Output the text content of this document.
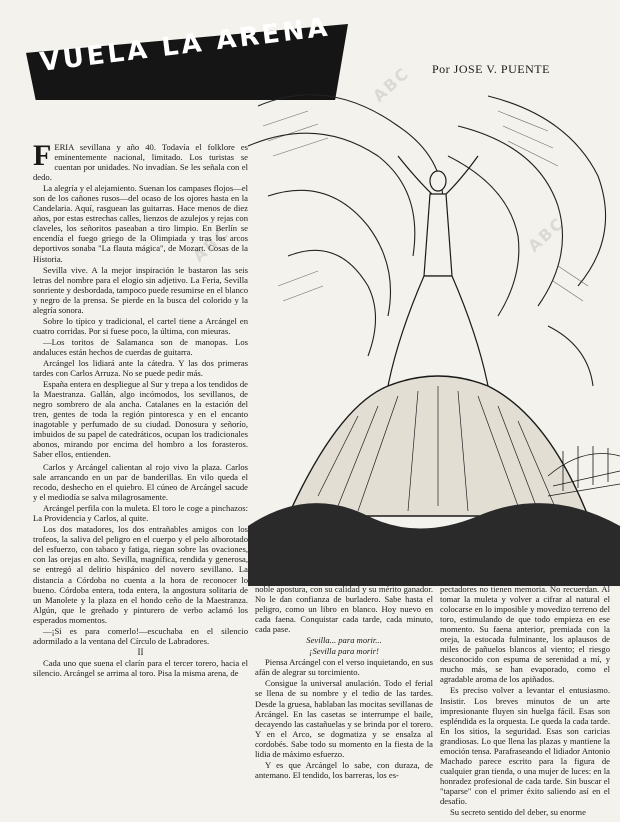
VUELA LA ARENA	Por JOSE V. PUENTE
ABC
ABC
ABC

FERIA sevillana y año 40. Todavía el folklore es eminentemente nacional, limitado. Los turistas se cuentan por unidades. No invadían. Se les señala con el dedo.

La alegría y el alejamiento. Suenan los campases flojos—el son de los cañones rusos—del ocaso de los ojores hasta en la Candelaria. Aquí, rasguean las guitarras. Hace menos de diez años, por estas estrechas calles, lienzos de azulejos y rejas con claveles, los señoritos paseaban a tiro limpio. En Berlín se encendía el fuego griego de la Olimpiada y tras los arcos deportivos sonaba "La flauta mágica", de Mozart. Cosas de la Historia.

Sevilla vive. A la mejor inspiración le bastaron las seis letras del nombre para el elogio sin adjetivo. La Feria, Sevilla sonriente y desbordada, tampoco puede resumirse en el blanco y negro de la prensa. Se pierde en la busca del colorido y la alegría sonora.

Sobre lo típico y tradicional, el cartel tiene a Arcángel en cuatro corridas. Por si fuese poco, la última, con mieuras.

—Los toritos de Salamanca son de manopas. Los andaluces están hechos de cuerdas de guitarra.

Arcángel los lidiará ante la cátedra. Y las dos primeras tardes con Carlos Arruza. No se puede pedir más.

España entera en despliegue al Sur y trepa a los tendidos de la Maestranza. Gallán, algo incómodos, los sevillanos, de negro sombrero de ala ancha. Catalanes en la estación del tren, gentes de toda la región pintoresca y en el encanto inagotable y perfumado de su ciudad. Donosura y señorío, imbuidos de su papel de catedráticos, ocupan los tradicionales abonos, mirando por encima del hombro a los forasteros. Saber ellos, entienden.

Carlos y Arcángel calientan al rojo vivo la plaza. Carlos sale arrancando en un par de banderillas. En vilo queda el recodo, deshecho en el quiebro. El cúneo de Arcángel sacude y el mediodía se salva milagrosamente.

Arcángel perfila con la muleta. El toro le coge a pinchazos: La Providencia y Carlos, al quite.

Los dos matadores, los dos entrañables amigos con los trofeos, la saliva del peligro en el cuerpo y el pelo alborotado del esfuerzo, con tabaco y fatiga, riegan sobre las ovaciones, con las orejas en alto. Sevilla, magnífica, rendida y generosa, se entregó al delirio hispánico del novero sevillano. La distancia a Córdoba no cuenta a la hora de reconocer lo bueno. Córdoba entera, toda entera, la angostura solitaria de un Manolete y la plaza en el hondo ceño de la Maestranza. Algún, que le greñado y pinturero de verbo aclamó los esperados momentos.

—¡Si es para comerlo!—escuchaba en el silencio adormilado a la ventana del Círculo de Labradores.

II

Cada uno que suena el clarín para el tercer torero, hacia el silencio. Arcángel se arrima al toro. Pisa la misma arena, de

noble apostura, con su calidad y su mérito ganador. No le dan confianza de burladero. Sabe hasta el peligro, como un libro en blanco. Hoy nuevo en cada faena. Conquistar cada tarde, cada minuto, cada pase.

Sevilla... para morir...

¡Sevilla para morir!

Piensa Arcángel con el verso inquietando, en sus afán de alegrar su torcimiento.

Consigue la universal anulación. Todo el ferial se llena de su nombre y el tedio de las tardes. Desde la gruesa, hablaban las mocitas sevillanas de Arcángel. En las casetas se interrumpe el baile, decayendo las castañuelas y se brinda por el torero. Y en el Arco, se dogmatiza y se ensalza al cordobés. Sabe todo su momento en la fiesta de la lidia de máximo esfuerzo.

Y es que Arcángel lo sabe, con duraza, de antemano. El tendido, los barreras, los es-

pectadores no tienen memoria. No recuerdan. Al tomar la muleta y volver a cifrar al natural el colocarse en lo imposible y movedizo terreno del toro, estimulando de que todo empieza en ese momento. Su faena anterior, premiada con la oreja, la estocada fulminante, los aplausos de miles de pañuelos blancos al viento; el riesgo desconocido con espuma de serenidad a mí, y mucho más, se han evaporado, como el agradable aroma de los apiñados.

Es preciso volver a levantar el entusiasmo. Insistir. Los breves minutos de un arte impresionante fluyen sin huelga fácil. Esas son espléndida es la orquesta. Le queda la cada tarde. En los sitios, la seguridad. Esas son caricias grandiosas. Lo que llena las plazas y mantiene la emoción tensa. Parafraseando el lidiador Antonio Machado parece escrito para la figura de cualquier gran tienda, o una mujer de luces: en la honradez profesional de cada tarde. Sin buscar el "taparse" con el primer éxito saliendo así en el desafío.

Su secreto sentido del deber, su enorme
